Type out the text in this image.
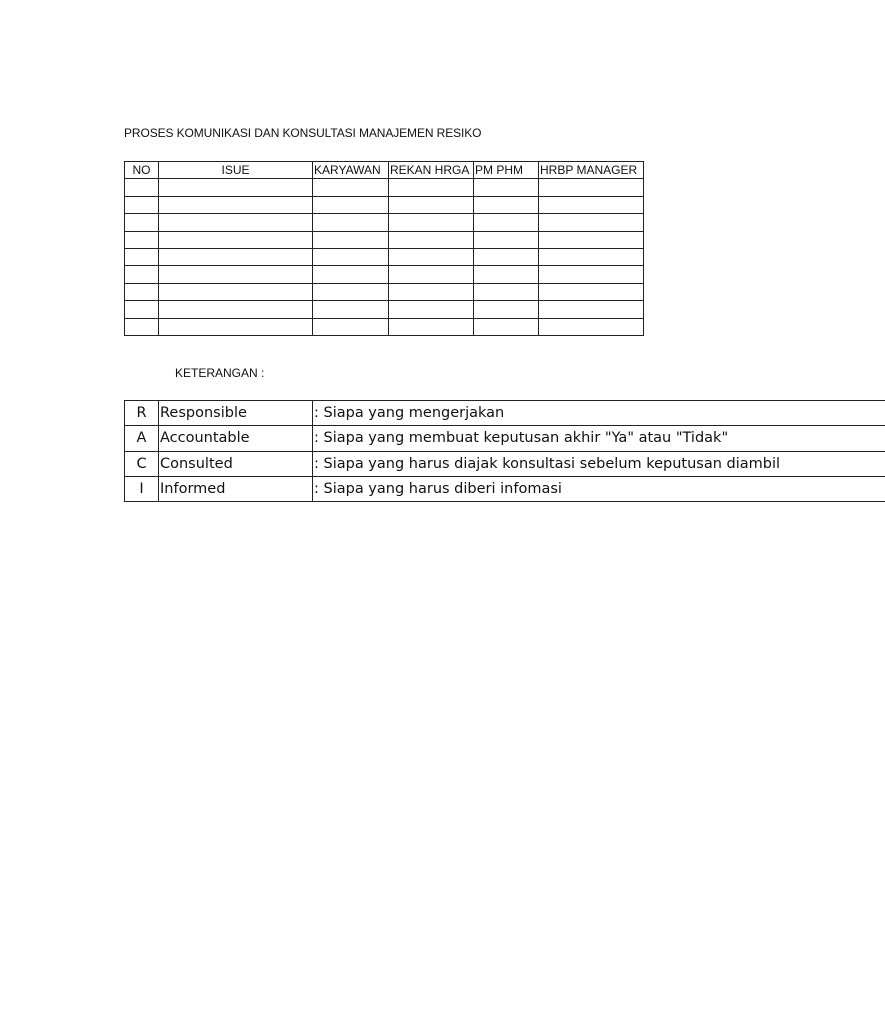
PROSES KOMUNIKASI DAN KONSULTASI MANAJEMEN RESIKO
NO	ISUE	KARYAWAN	REKAN HRGA	PM PHM	HRBP MANAGER

KETERANGAN :
R	Responsible	: Siapa yang mengerjakan
A	Accountable	: Siapa yang membuat keputusan akhir "Ya" atau "Tidak"
C	Consulted	: Siapa yang harus diajak konsultasi sebelum keputusan diambil
I	Informed	: Siapa yang harus diberi infomasi
